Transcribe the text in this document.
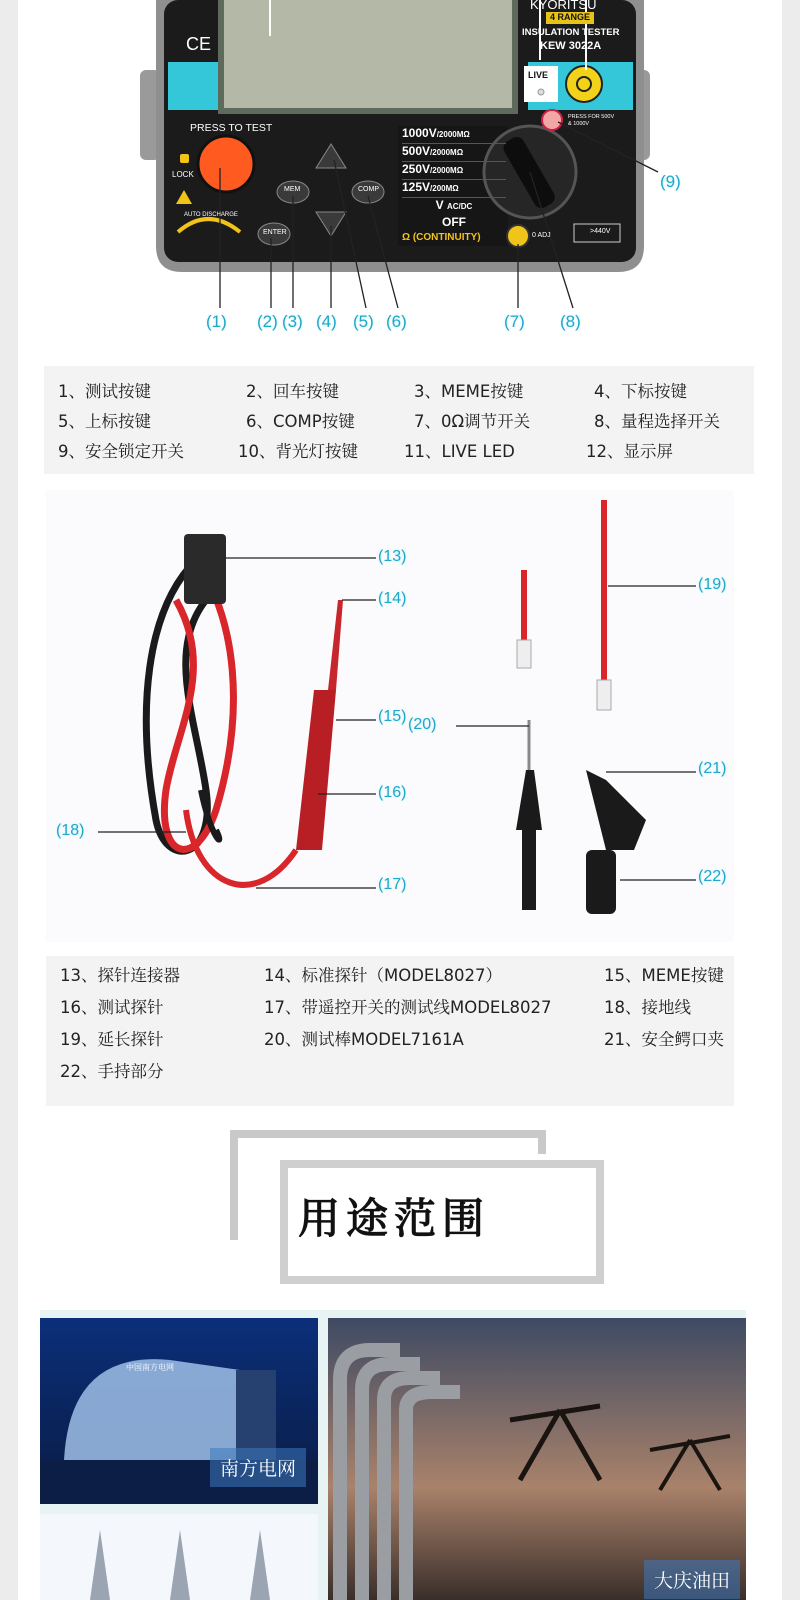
KYORITSU
4 RANGE
INSULATION TESTER
KEW 3022A
CE
LIVE
PRESS TO TEST
LOCK
AUTO DISCHARGE
PRESS FOR 500V & 1000V
MEM
ENTER
COMP
0 ADJ
>440V
1000V/2000MΩ
500V/2000MΩ
250V/2000MΩ
125V/200MΩ
V AC/DC
OFF
Ω (CONTINUITY)
(1) (2) (3) (4) (5) (6)	(7) (8)
(9)
1、测试按键	2、回车按键	3、MEME按键	4、下标按键
5、上标按键	6、COMP按键	7、0Ω调节开关	8、量程选择开关
9、安全锁定开关	10、背光灯按键	11、LIVE LED	12、显示屏
(13)
(14)
(15)
(16)
(17)
(18)
(19)
(20)
(21)
(22)
13、探针连接器	14、标准探针（MODEL8027）	15、MEME按键
16、测试探针	17、带遥控开关的测试线MODEL8027	18、接地线
19、延长探针	20、测试棒MODEL7161A	21、安全鳄口夹
22、手持部分
用途范围
中国南方电网
南方电网
大庆油田
